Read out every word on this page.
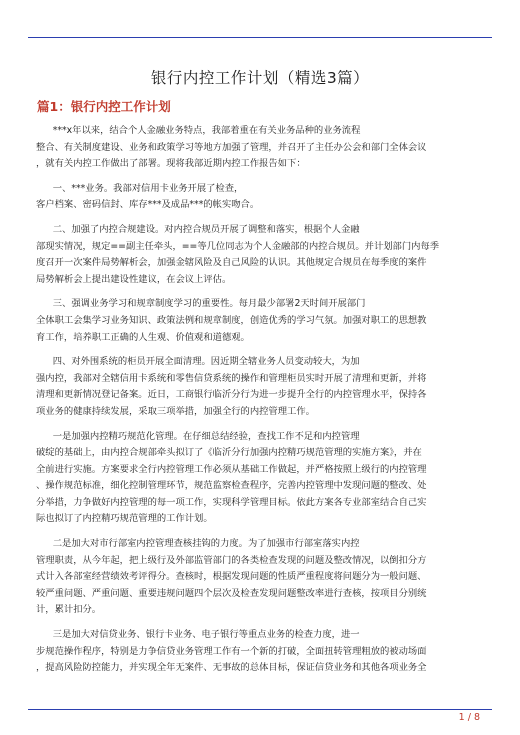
银行内控工作计划（精选3篇）
篇1：银行内控工作计划

***x年以来，结合个人金融业务特点，我部着重在有关业务品种的业务流程
整合、有关制度建设、业务和政策学习等地方加强了管理，并召开了主任办公会和部门全体会议
，就有关内控工作做出了部署。现将我部近期内控工作报告如下：

一、***业务。我部对信用卡业务开展了检查，
客户档案、密码信封、库存***及成品***的帐实吻合。

二、加强了内控合规建设。对内控合规员开展了调整和落实，根据个人金融
部现实情况，规定==副主任牵头，==等几位同志为个人金融部的内控合规员。并计划部门内每季
度召开一次案件局势解析会，加强金辖风险及自己风险的认识。其他规定合规员在每季度的案件
局势解析会上提出建设性建议，在会议上评估。

三、强调业务学习和规章制度学习的重要性。每月最少部署2天时间开展部门
全体职工会集学习业务知识、政策法例和规章制度，创造优秀的学习气氛。加强对职工的思想教
育工作，培养职工正确的人生观、价值观和道德观。

四、对外围系统的柜员开展全面清理。因近期全辖业务人员变动较大，为加
强内控，我部对全辖信用卡系统和零售信贷系统的操作和管理柜员实时开展了清理和更新，并将
清理和更新情况登记备案。近日，工商银行临沂分行为进一步提升全行的内控管理水平，保持各
项业务的健康持续发展，采取三项举措，加强全行的内控管理工作。

一是加强内控精巧规范化管理。在仔细总结经验，查找工作不足和内控管理
破绽的基础上，由内控合规部牵头拟订了《临沂分行加强内控精巧规范管理的实施方案》，并在
全前进行实施。方案要求全行内控管理工作必须从基础工作做起，并严格按照上级行的内控管理
、操作规范标准，细化控制管理环节，规范监察检查程序，完善内控管理中发现问题的整改、处
分举措，力争做好内控管理的每一项工作，实现科学管理目标。依此方案各专业部室结合自己实
际也拟订了内控精巧规范管理的工作计划。

二是加大对市行部室内控管理查核挂钩的力度。为了加强市行部室落实内控
管理职责，从今年起，把上级行及外部监管部门的各类检查发现的问题及整改情况，以倒扣分方
式计入各部室经营绩效考评得分。查核时，根据发现问题的性质严重程度将问题分为一般问题、
较严重问题、严重问题、重要违规问题四个层次及检查发现问题整改率进行查核，按项目分别统
计，累计扣分。

三是加大对信贷业务、银行卡业务、电子银行等重点业务的检查力度，进一
步规范操作程序，特别是力争信贷业务管理工作有一个新的打破，全面扭转管理粗放的被动场面
，提高风险防控能力，并实现全年无案件、无事故的总体目标，保证信贷业务和其他各项业务全

1 / 8
